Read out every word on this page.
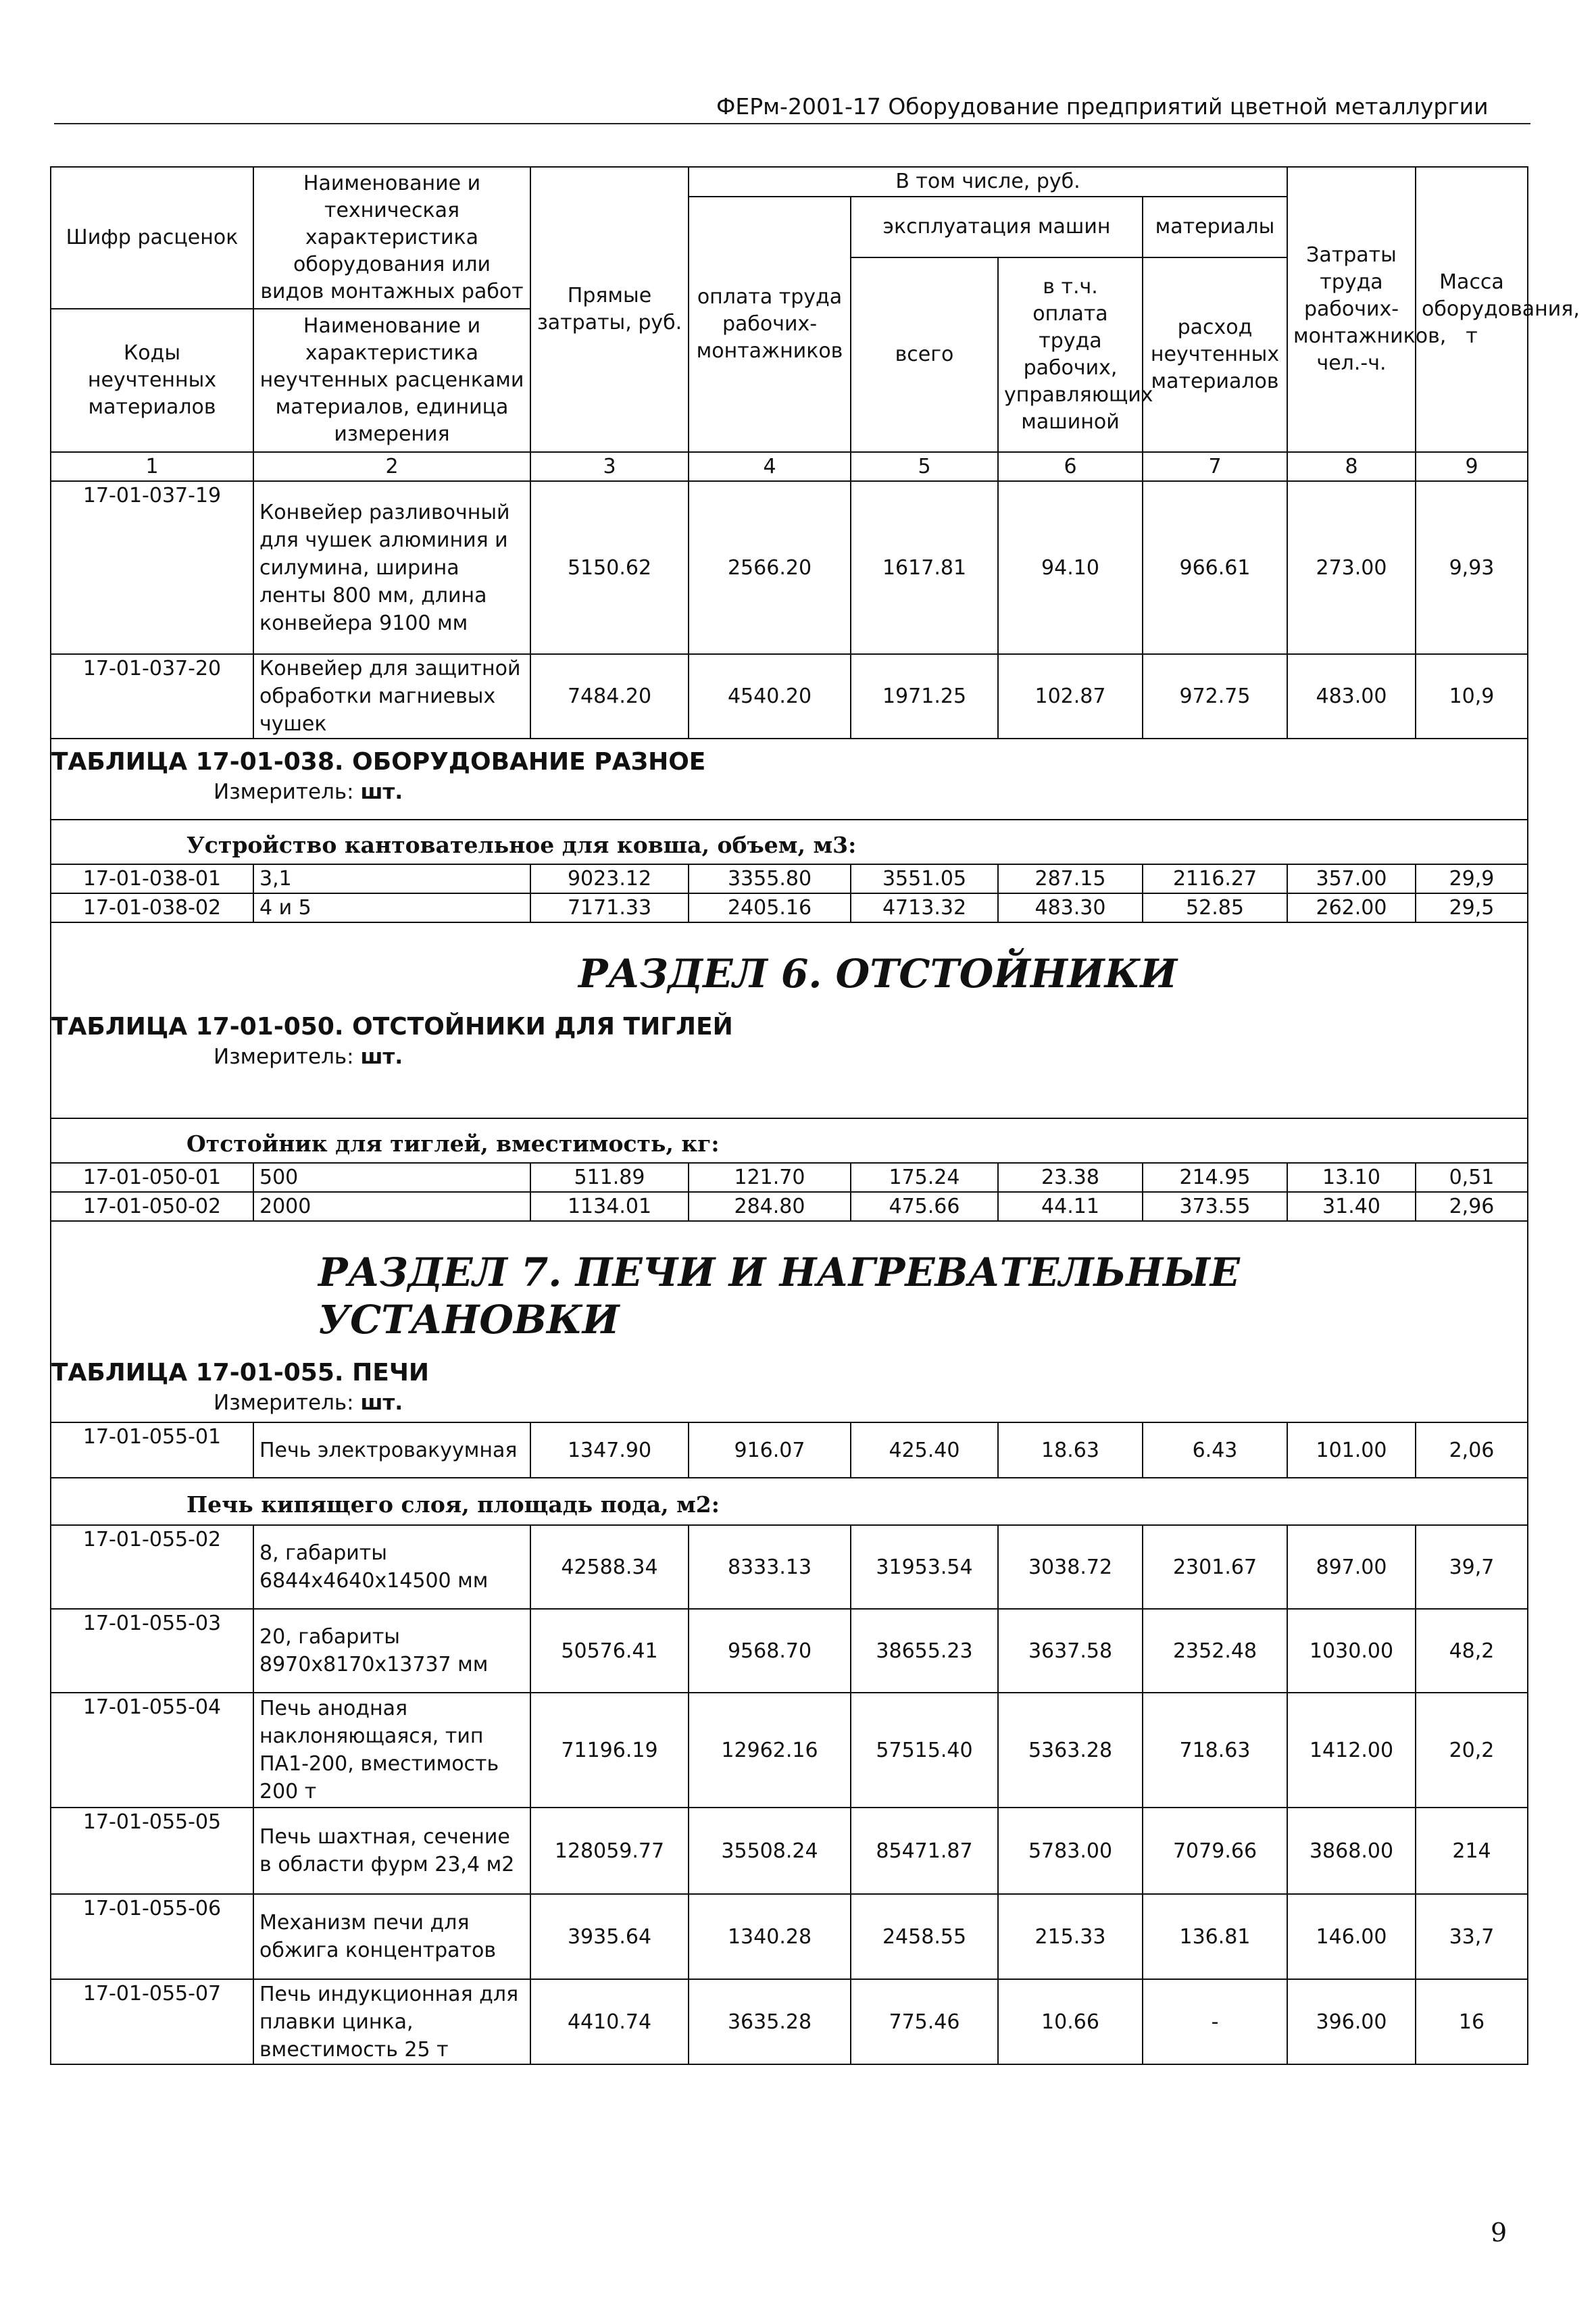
ФЕРм-2001-17 Оборудование предприятий цветной металлургии
Шифр расценок	Наименование и техническая характеристика оборудования или видов монтажных работ	Прямые затраты, руб.	В том числе, руб.				Затраты труда рабочих-монтажников, чел.-ч.	Масса оборудования, т
			оплата труда рабочих-монтажников	эксплуатация машин		материалы		
				всего	в т.ч. оплата труда рабочих, управляющих машиной	расход неучтенных материалов		
Коды неучтенных материалов	Наименование и характеристика неучтенных расценками материалов, единица измерения							

1	2	3	4	5	6	7	8	9
17-01-037-19	Конвейер разливочный для чушек алюминия и силумина, ширина ленты 800 мм, длина конвейера 9100 мм	5150.62	2566.20	1617.81	94.10	966.61	273.00	9,93
17-01-037-20	Конвейер для защитной обработки магниевых чушек	7484.20	4540.20	1971.25	102.87	972.75	483.00	10,9

ТАБЛИЦА 17-01-038. ОБОРУДОВАНИЕ РАЗНОЕ
Измеритель: шт.								

Устройство кантовательное для ковша, объем, м3:								

17-01-038-01	3,1	9023.12	3355.80	3551.05	287.15	2116.27	357.00	29,9
17-01-038-02	4 и 5	7171.33	2405.16	4713.32	483.30	52.85	262.00	29,5

РАЗДЕЛ 6. ОТСТОЙНИКИ
ТАБЛИЦА 17-01-050. ОТСТОЙНИКИ ДЛЯ ТИГЛЕЙ
Измеритель: шт.								

Отстойник для тиглей, вместимость, кг:								

17-01-050-01	500	511.89	121.70	175.24	23.38	214.95	13.10	0,51
17-01-050-02	2000	1134.01	284.80	475.66	44.11	373.55	31.40	2,96

РАЗДЕЛ 7. ПЕЧИ И НАГРЕВАТЕЛЬНЫЕ УСТАНОВКИ
ТАБЛИЦА 17-01-055. ПЕЧИ
Измеритель: шт.								

17-01-055-01	Печь электровакуумная	1347.90	916.07	425.40	18.63	6.43	101.00	2,06

Печь кипящего слоя, площадь пода, м2:								

17-01-055-02	8, габариты 6844x4640x14500 мм	42588.34	8333.13	31953.54	3038.72	2301.67	897.00	39,7
17-01-055-03	20, габариты 8970x8170x13737 мм	50576.41	9568.70	38655.23	3637.58	2352.48	1030.00	48,2
17-01-055-04	Печь анодная наклоняющаяся, тип ПА1-200, вместимость 200 т	71196.19	12962.16	57515.40	5363.28	718.63	1412.00	20,2
17-01-055-05	Печь шахтная, сечение в области фурм 23,4 м2	128059.77	35508.24	85471.87	5783.00	7079.66	3868.00	214
17-01-055-06	Механизм печи для обжига концентратов	3935.64	1340.28	2458.55	215.33	136.81	146.00	33,7
17-01-055-07	Печь индукционная для плавки цинка, вместимость 25 т	4410.74	3635.28	775.46	10.66	-	396.00	16
9
